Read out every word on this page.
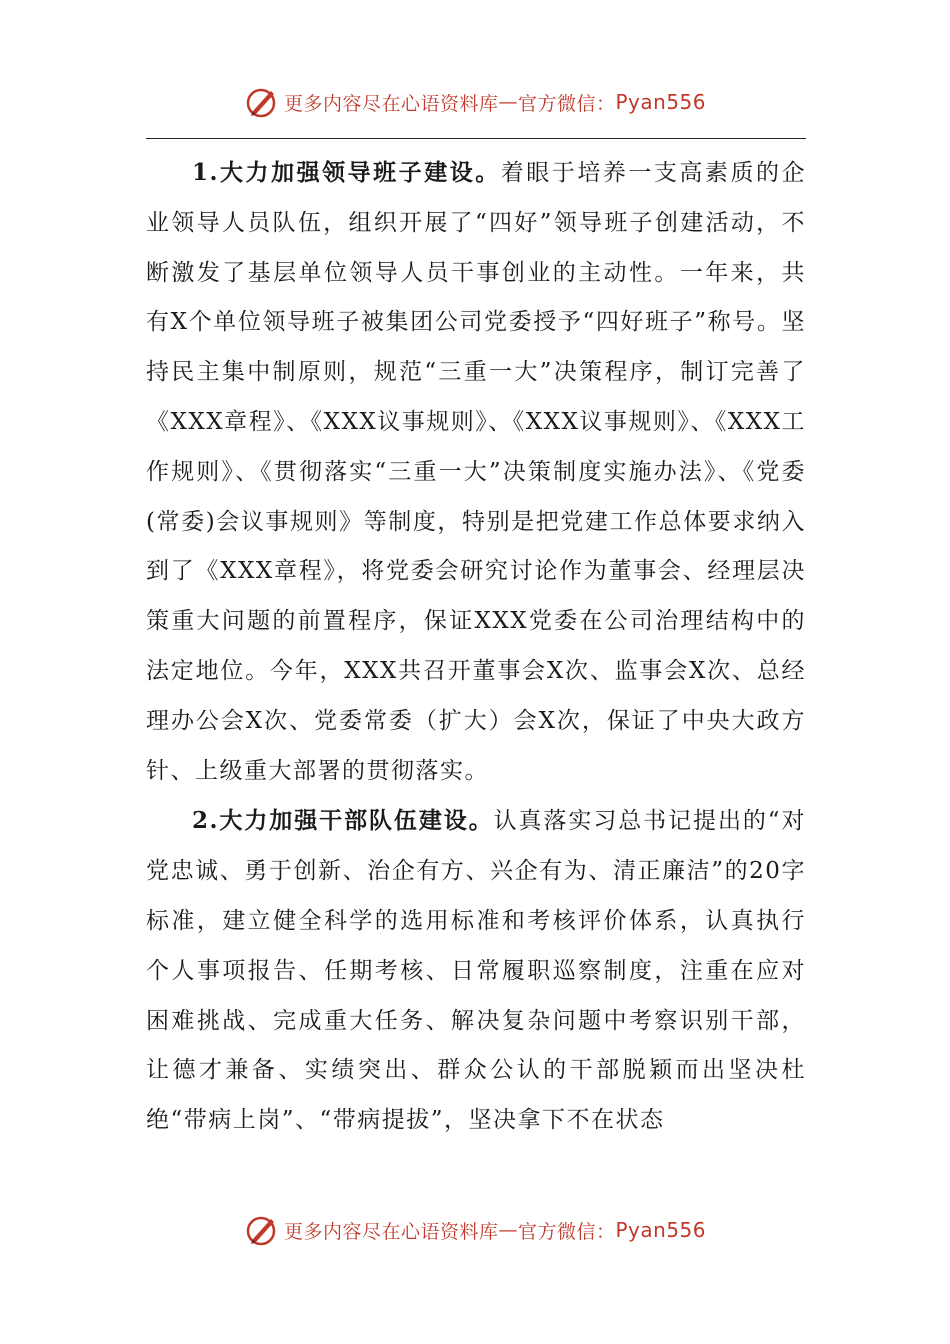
更多内容尽在心语资料库 — 官方微信： Pyan556

1.大力加强领导班子建设。着眼于培养一支高素质的企业领导人员队伍，组织开展了“四好”领导班子创建活动，不断激发了基层单位领导人员干事创业的主动性。一年来，共有X个单位领导班子被集团公司党委授予“四好班子”称号。坚持民主集中制原则，规范“三重一大”决策程序，制订完善了《XXX章程》、《XXX议事规则》、《XXX议事规则》、《XXX工作规则》、《贯彻落实“三重一大”决策制度实施办法》、《党委(常委)会议事规则》等制度，特别是把党建工作总体要求纳入到了《XXX章程》，将党委会研究讨论作为董事会、经理层决策重大问题的前置程序，保证XXX党委在公司治理结构中的法定地位。今年，XXX共召开董事会X次、监事会X次、总经理办公会X次、党委常委（扩大）会X次，保证了中央大政方针、上级重大部署的贯彻落实。

2.大力加强干部队伍建设。认真落实习总书记提出的“对党忠诚、勇于创新、治企有方、兴企有为、清正廉洁”的20字标准，建立健全科学的选用标准和考核评价体系，认真执行个人事项报告、任期考核、日常履职巡察制度，注重在应对困难挑战、完成重大任务、解决复杂问题中考察识别干部，让德才兼备、实绩突出、群众公认的干部脱颖而出坚决杜绝“带病上岗”、“带病提拔”，坚决拿下不在状态

更多内容尽在心语资料库 — 官方微信： Pyan556
